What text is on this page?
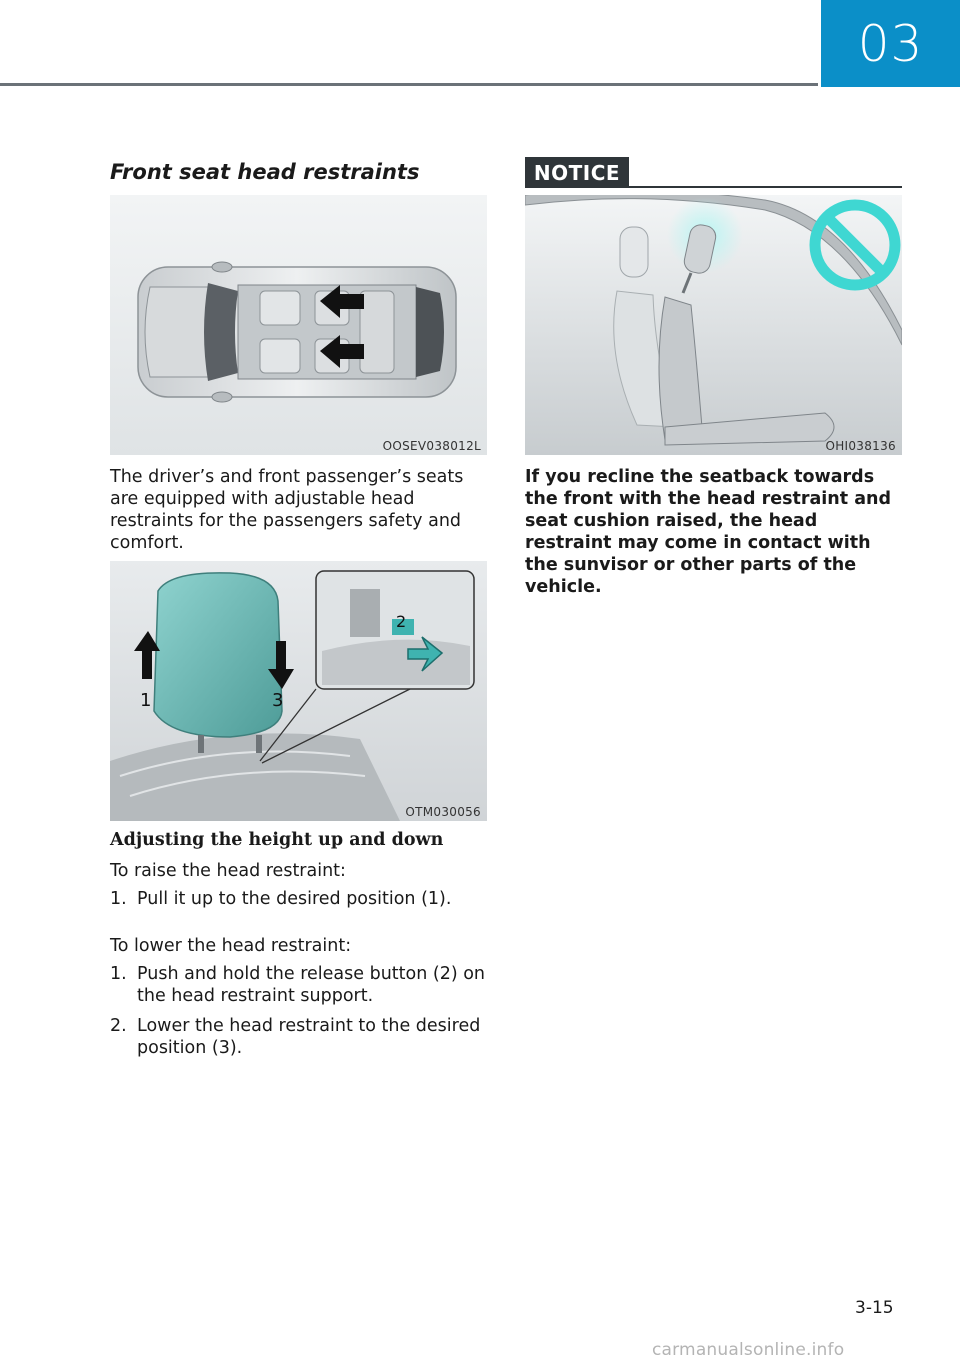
03
Front seat head restraints
OOSEV038012L
The driver’s and front passenger’s seats are equipped with adjustable head restraints for the passengers safety and comfort.
1
2
3
OTM030056
Adjusting the height up and down
To raise the head restraint:
1. Pull it up to the desired position (1).
To lower the head restraint:
1. Push and hold the release button (2) on the head restraint support.
2. Lower the head restraint to the desired position (3).
NOTICE
OHI038136
If you recline the seatback towards the front with the head restraint and seat cushion raised, the head restraint may come in contact with the sunvisor or other parts of the vehicle.
3-15
carmanualsonline.info
